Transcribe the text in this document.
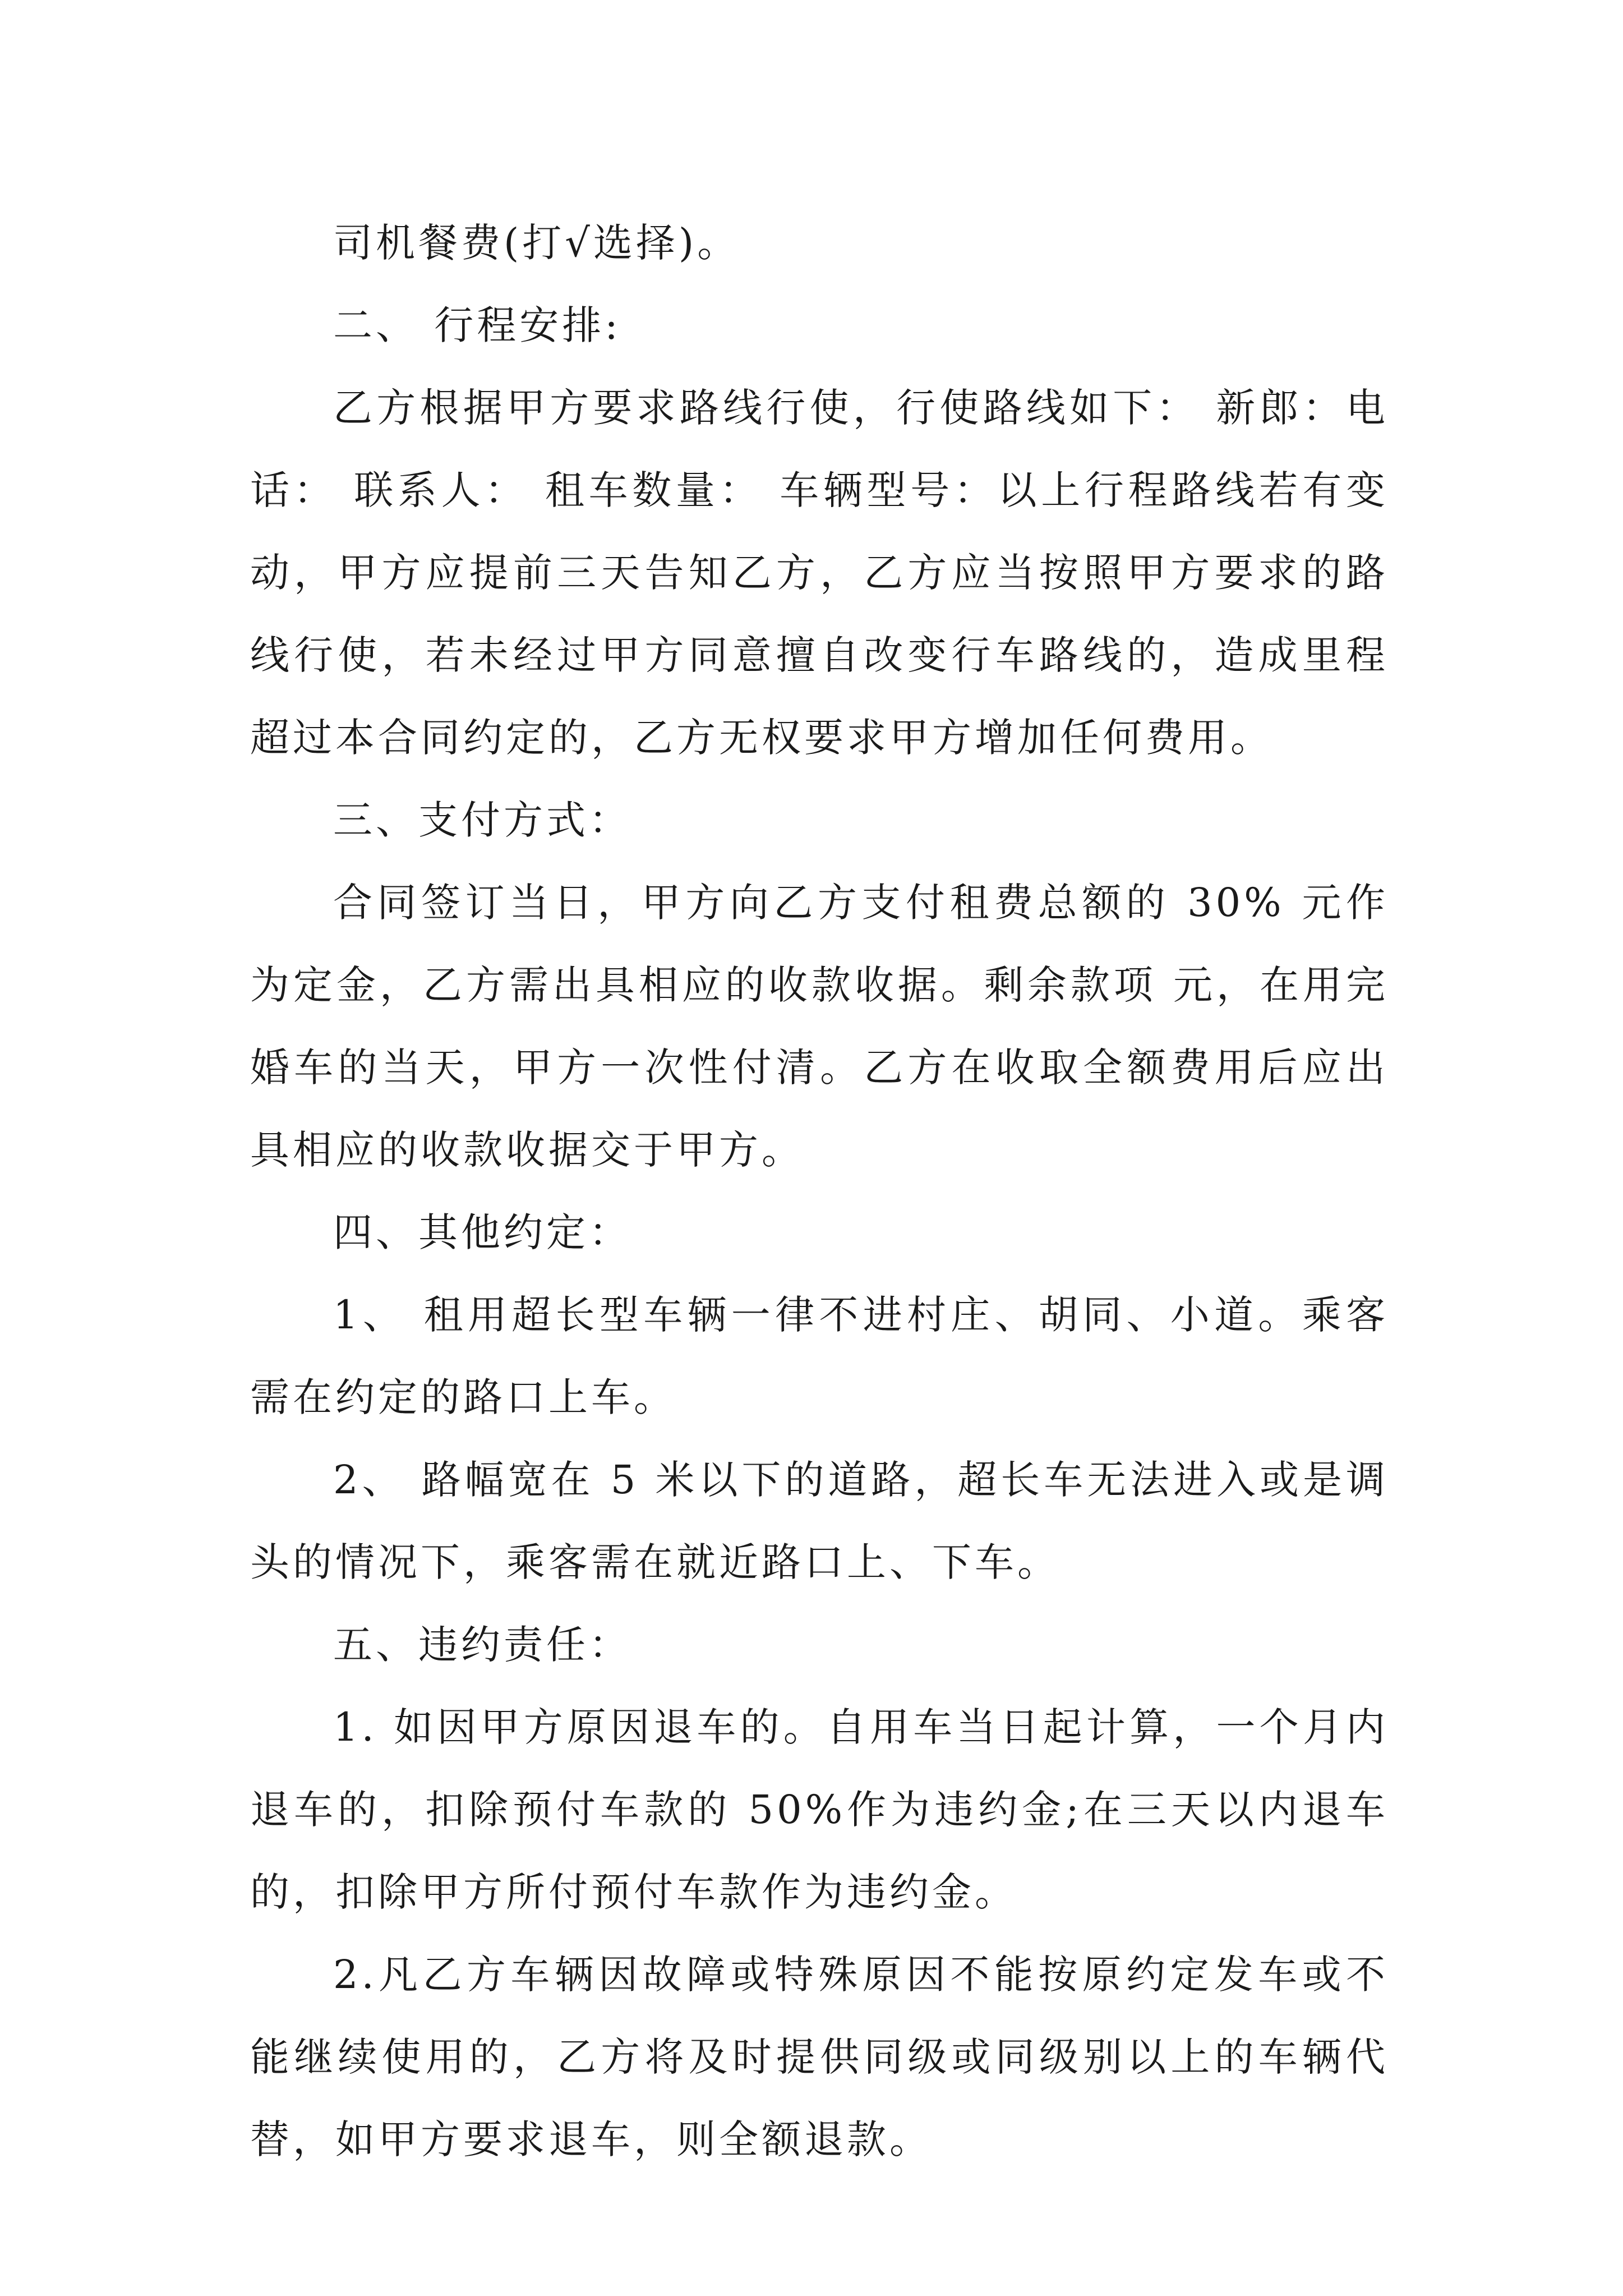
司机餐费(打√选择)。

二、 行程安排:

乙方根据甲方要求路线行使，行使路线如下： 新郎：电话： 联系人： 租车数量： 车辆型号：以上行程路线若有变动，甲方应提前三天告知乙方，乙方应当按照甲方要求的路线行使，若未经过甲方同意擅自改变行车路线的，造成里程超过本合同约定的，乙方无权要求甲方增加任何费用。

三、支付方式：

合同签订当日，甲方向乙方支付租费总额的 30% 元作为定金，乙方需出具相应的收款收据。剩余款项 元，在用完婚车的当天，甲方一次性付清。乙方在收取全额费用后应出具相应的收款收据交于甲方。

四、其他约定：

1、 租用超长型车辆一律不进村庄、胡同、小道。乘客需在约定的路口上车。

2、 路幅宽在 5 米以下的道路，超长车无法进入或是调头的情况下，乘客需在就近路口上、下车。

五、违约责任：

1. 如因甲方原因退车的。自用车当日起计算，一个月内退车的，扣除预付车款的 50%作为违约金;在三天以内退车的，扣除甲方所付预付车款作为违约金。

2.凡乙方车辆因故障或特殊原因不能按原约定发车或不能继续使用的，乙方将及时提供同级或同级别以上的车辆代替，如甲方要求退车，则全额退款。
